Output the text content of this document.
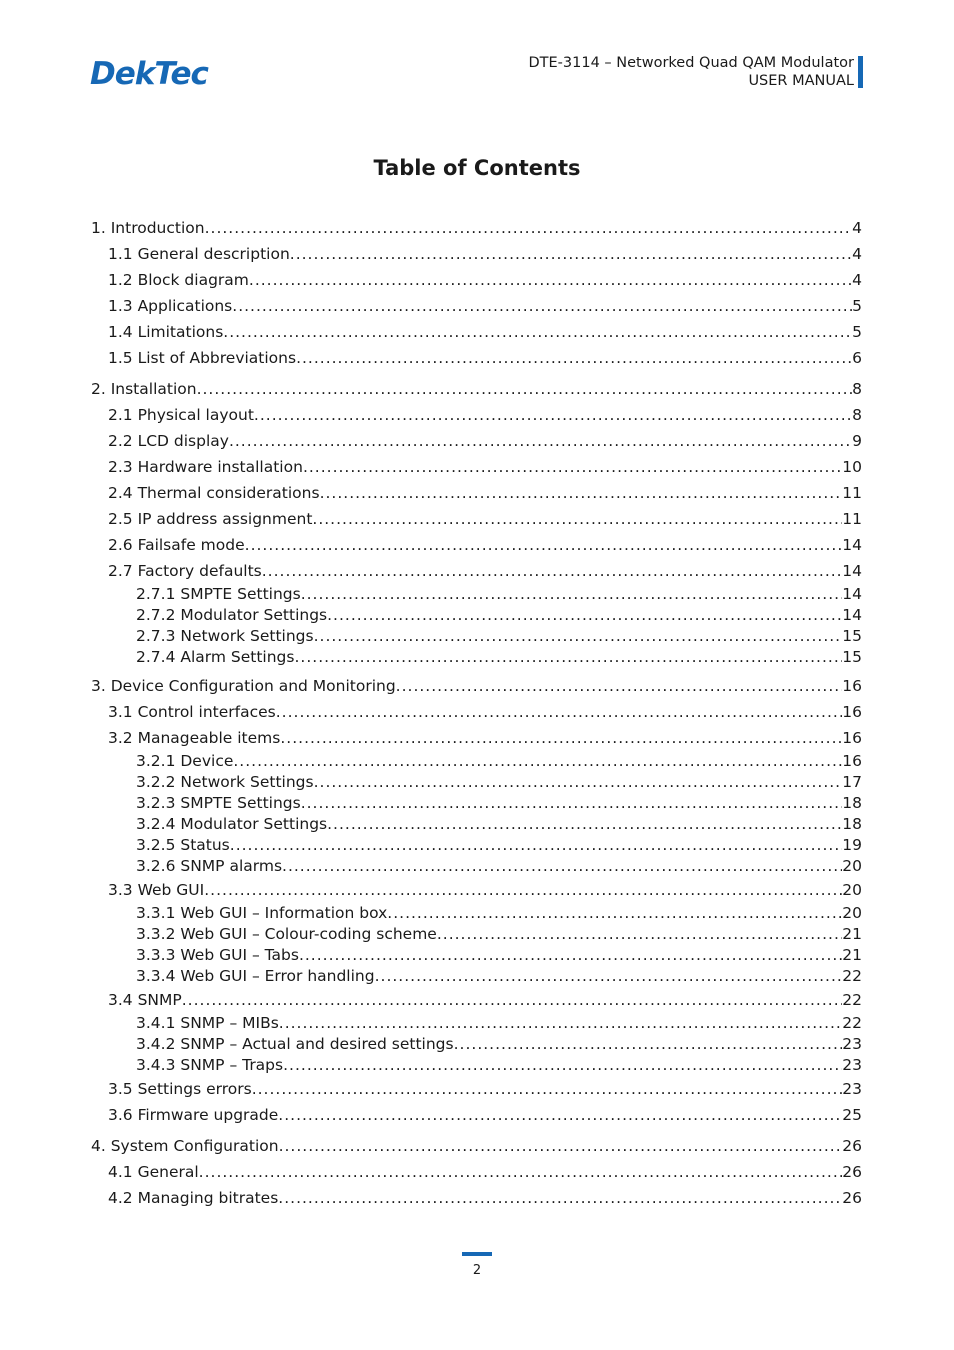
DekTec	DTE-3114 – Networked Quad QAM Modulator
USER MANUAL
Table of Contents
1. Introduction .....	4
1.1 General description .....	4
1.2 Block diagram .....	4
1.3 Applications .....	5
1.4 Limitations .....	5
1.5 List of Abbreviations .....	6
2. Installation .....	8
2.1 Physical layout .....	8
2.2 LCD display .....	9
2.3 Hardware installation .....	10
2.4 Thermal considerations .....	11
2.5 IP address assignment .....	11
2.6 Failsafe mode .....	14
2.7 Factory defaults .....	14
2.7.1 SMPTE Settings .....	14
2.7.2 Modulator Settings .....	14
2.7.3 Network Settings .....	15
2.7.4 Alarm Settings .....	15
3. Device Configuration and Monitoring .....	16
3.1 Control interfaces .....	16
3.2 Manageable items .....	16
3.2.1 Device .....	16
3.2.2 Network Settings .....	17
3.2.3 SMPTE Settings .....	18
3.2.4 Modulator Settings .....	18
3.2.5 Status .....	19
3.2.6 SNMP alarms .....	20
3.3 Web GUI .....	20
3.3.1 Web GUI – Information box .....	20
3.3.2 Web GUI – Colour-coding scheme .....	21
3.3.3 Web GUI – Tabs .....	21
3.3.4 Web GUI – Error handling .....	22
3.4 SNMP .....	22
3.4.1 SNMP – MIBs .....	22
3.4.2 SNMP – Actual and desired settings .....	23
3.4.3 SNMP – Traps .....	23
3.5 Settings errors .....	23
3.6 Firmware upgrade .....	25
4. System Configuration .....	26
4.1 General .....	26
4.2 Managing bitrates .....	26
2
